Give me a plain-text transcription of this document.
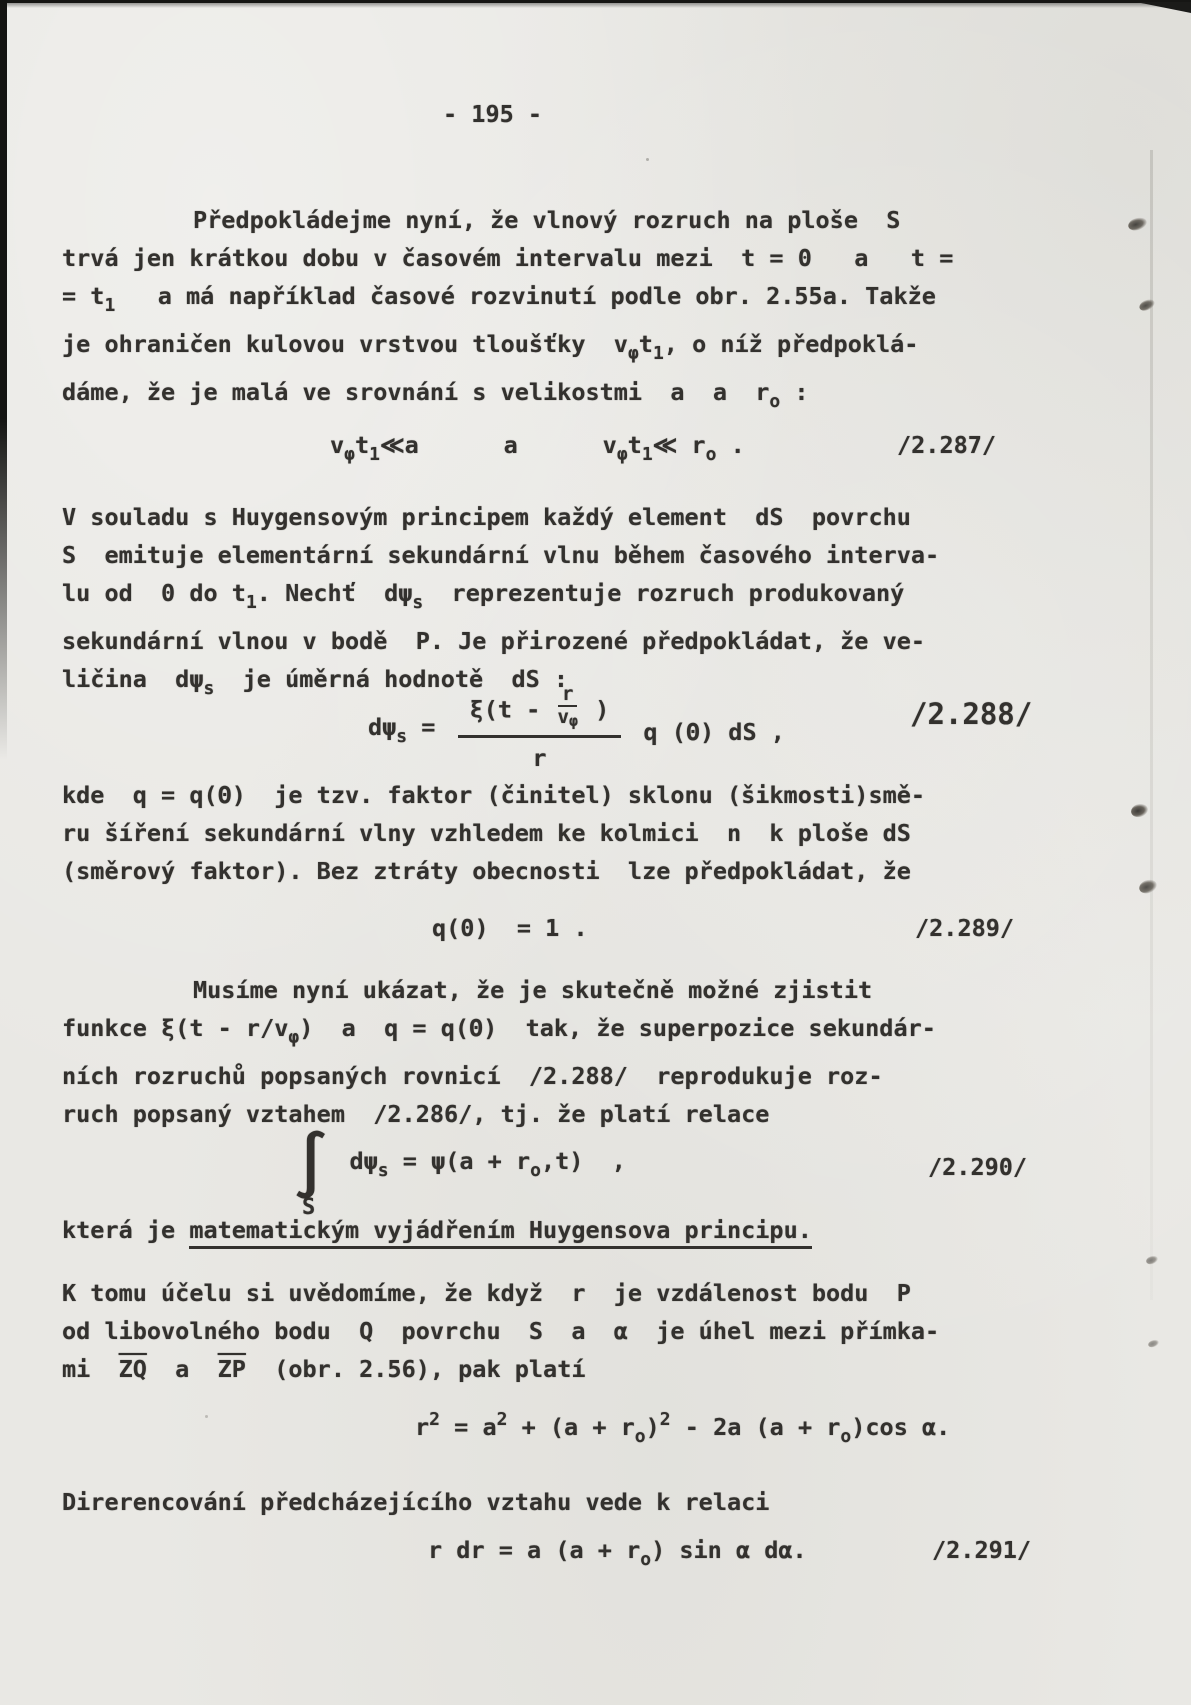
- 195 -
Předpokládejme nyní, že vlnový rozruch na ploše  S
trvá jen krátkou dobu v časovém intervalu mezi  t = 0   a   t =
= $t_1$   a má například časové rozvinutí podle obr. 2.55a. Takže
je ohraničen kulovou vrstvou tloušťky  $v_\varphi t_1$, o níž předpoklá-
dáme, že je malá ve srovnání s velikostmi  a  a  $r_o$ :
$v_\varphi t_1≪a$      a      $v_\varphi t_1≪$ $r_o$ .	/2.287/
V souladu s Huygensovým principem každý element  dS  povrchu
S  emituje elementární sekundární vlnu během časového interva-
lu od  0 do $t_1$. Nechť  $d\psi_s$  reprezentuje rozruch produkovaný
sekundární vlnou v bodě  P. Je přirozené předpokládat, že ve-
ličina  $d\psi_s$  je úměrná hodnotě  dS :
$d\psi_s = \frac{\xi(t - \frac{r}{v\varphi} )}{r}$ q (Θ) dS ,
/2.288/
kde  q = q(Θ)  je tzv. faktor (činitel) sklonu (šikmosti)smě-
ru šíření sekundární vlny vzhledem ke kolmici  n  k ploše dS
(směrový faktor). Bez ztráty obecnosti  lze předpokládat, že
q(0)  = 1 .	/2.289/
Musíme nyní ukázat, že je skutečně možné zjistit
funkce $\xi(t - r/v_\varphi)$  a  q = q(Θ)  tak, že superpozice sekundár-
ních rozruchů popsaných rovnicí  /2.288/  reprodukuje roz-
ruch popsaný vztahem  /2.286/, tj. že platí relace
∫
S
$d\psi_s = \psi(a + r_o,t)$  ,	/2.290/
která je matematickým vyjádřením Huygensova principu.
K tomu účelu si uvědomíme, že když  r  je vzdálenost bodu  P
od libovolného bodu  Q  povrchu  S  a  α  je úhel mezi přímka-
mi  $\overline{ZQ}$  a  $\overline{ZP}$  (obr. 2.56), pak platí
$r^2 = a^2 + (a + r_o)^2 - 2a$ $(a + r_o)\cos$ α.
Direrencování předcházejícího vztahu vede k relaci
r dr = a $(a + r_o)$ sin α dα.	/2.291/
